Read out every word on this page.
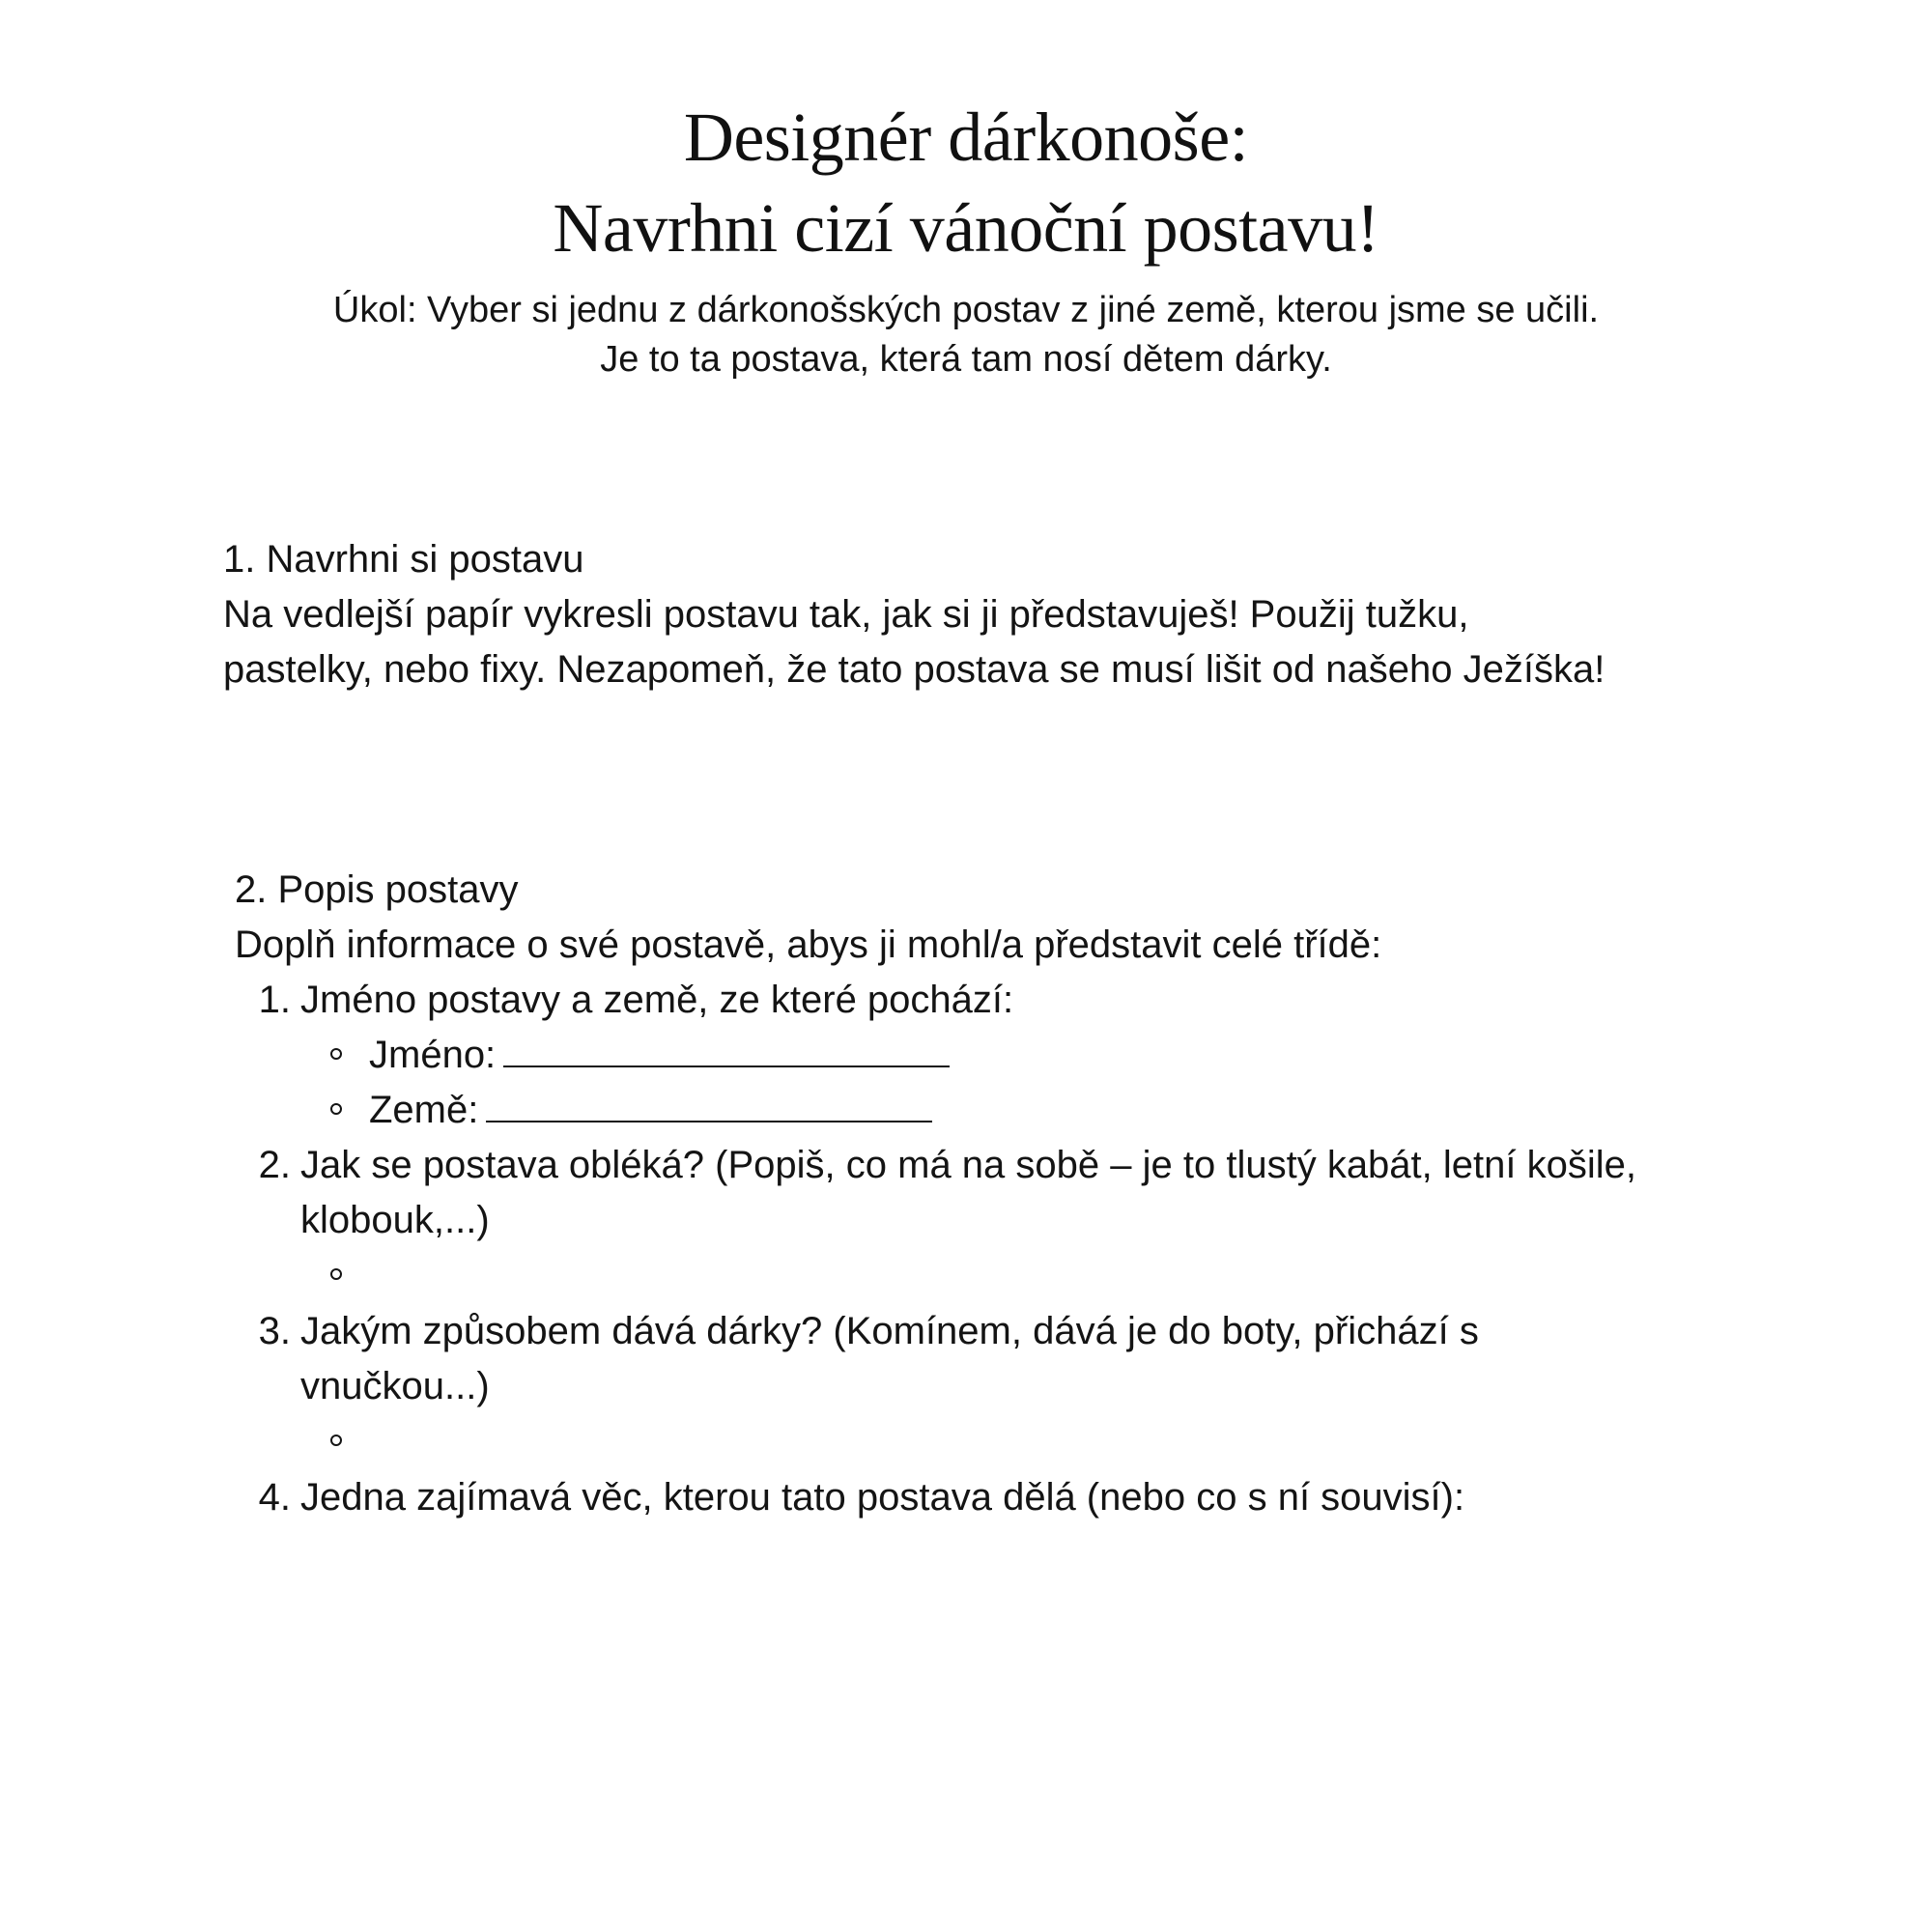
Designér dárkonoše:
Navrhni cizí vánoční postavu!
Úkol: Vyber si jednu z dárkonošských postav z jiné země, kterou jsme se učili.
Je to ta postava, která tam nosí dětem dárky.
1. Navrhni si postavu
Na vedlejší papír vykresli postavu tak, jak si ji představuješ! Použij tužku,
pastelky, nebo fixy. Nezapomeň, že tato postava se musí lišit od našeho Ježíška!
2. Popis postavy
Doplň informace o své postavě, abys ji mohl/a představit celé třídě:
1. Jméno postavy a země, ze které pochází:
Jméno:
Země:
2. Jak se postava obléká? (Popiš, co má na sobě – je to tlustý kabát, letní košile,
klobouk,...)
3. Jakým způsobem dává dárky? (Komínem, dává je do boty, přichází s
vnučkou...)
4. Jedna zajímavá věc, kterou tato postava dělá (nebo co s ní souvisí):
